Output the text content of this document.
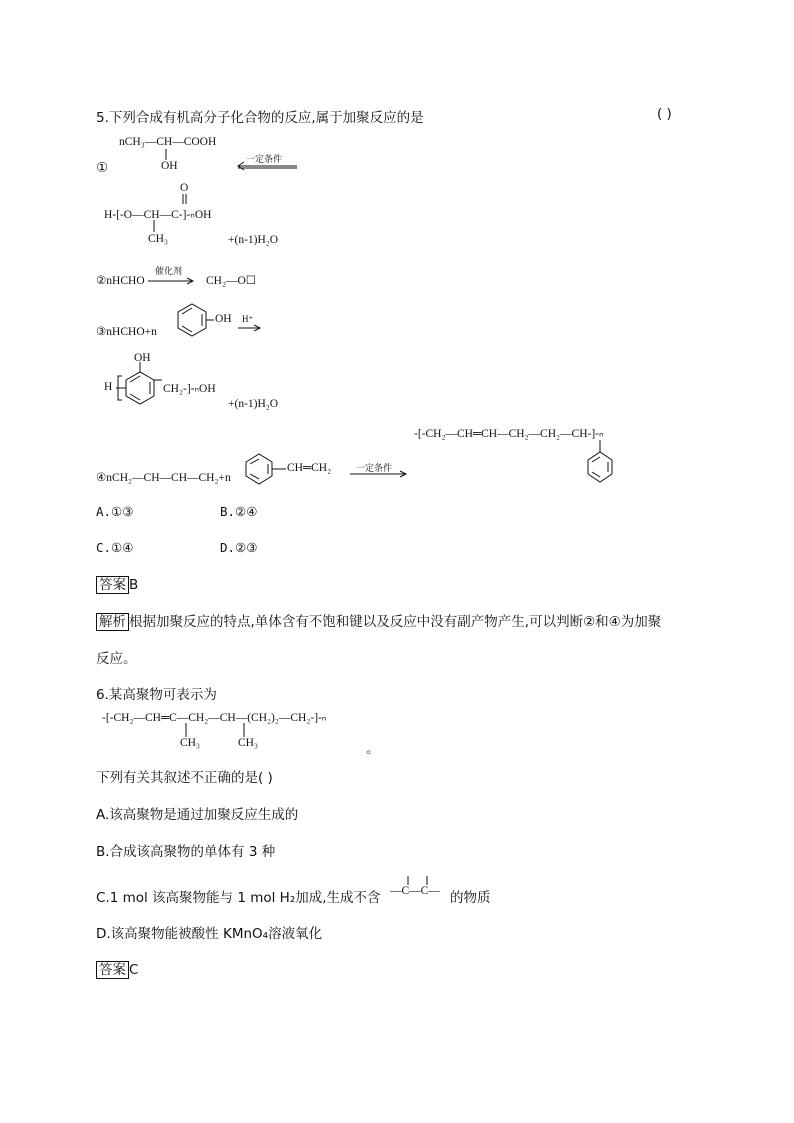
5.下列合成有机高分子化合物的反应,属于加聚反应的是	( )
nCH₃—CH—COOH
OH
①
一定条件
O
H-[-O—CH—C-]-ₙOH
CH₃	+(n-1)H₂O
②nHCHO
催化剂
CH₂—O☐
③nHCHO+n
OH H⁺
OH
H	CH₂-]-ₙOH
+(n-1)H₂O
-[-CH₂—CH═CH—CH₂—CH₂—CH-]-ₙ
④nCH₂—CH—CH—CH₂+n
CH═CH₂	一定条件
A.①③	B.②④
C.①④	D.②③
答案 B
解析 根据加聚反应的特点,单体含有不饱和键以及反应中没有副产物产生,可以判断②和④为加聚
反应。
6.某高聚物可表示为
-[-CH₂—CH═C—CH₂—CH—(CH₂)₂—CH₂-]-ₙ
CH₃	CH₃	。
下列有关其叙述不正确的是( )
A.该高聚物是通过加聚反应生成的
B.合成该高聚物的单体有 3 种
C.1 mol 该高聚物能与 1 mol H₂加成,生成不含 —C—C— 的物质
D.该高聚物能被酸性 KMnO₄溶液氧化
答案 C
